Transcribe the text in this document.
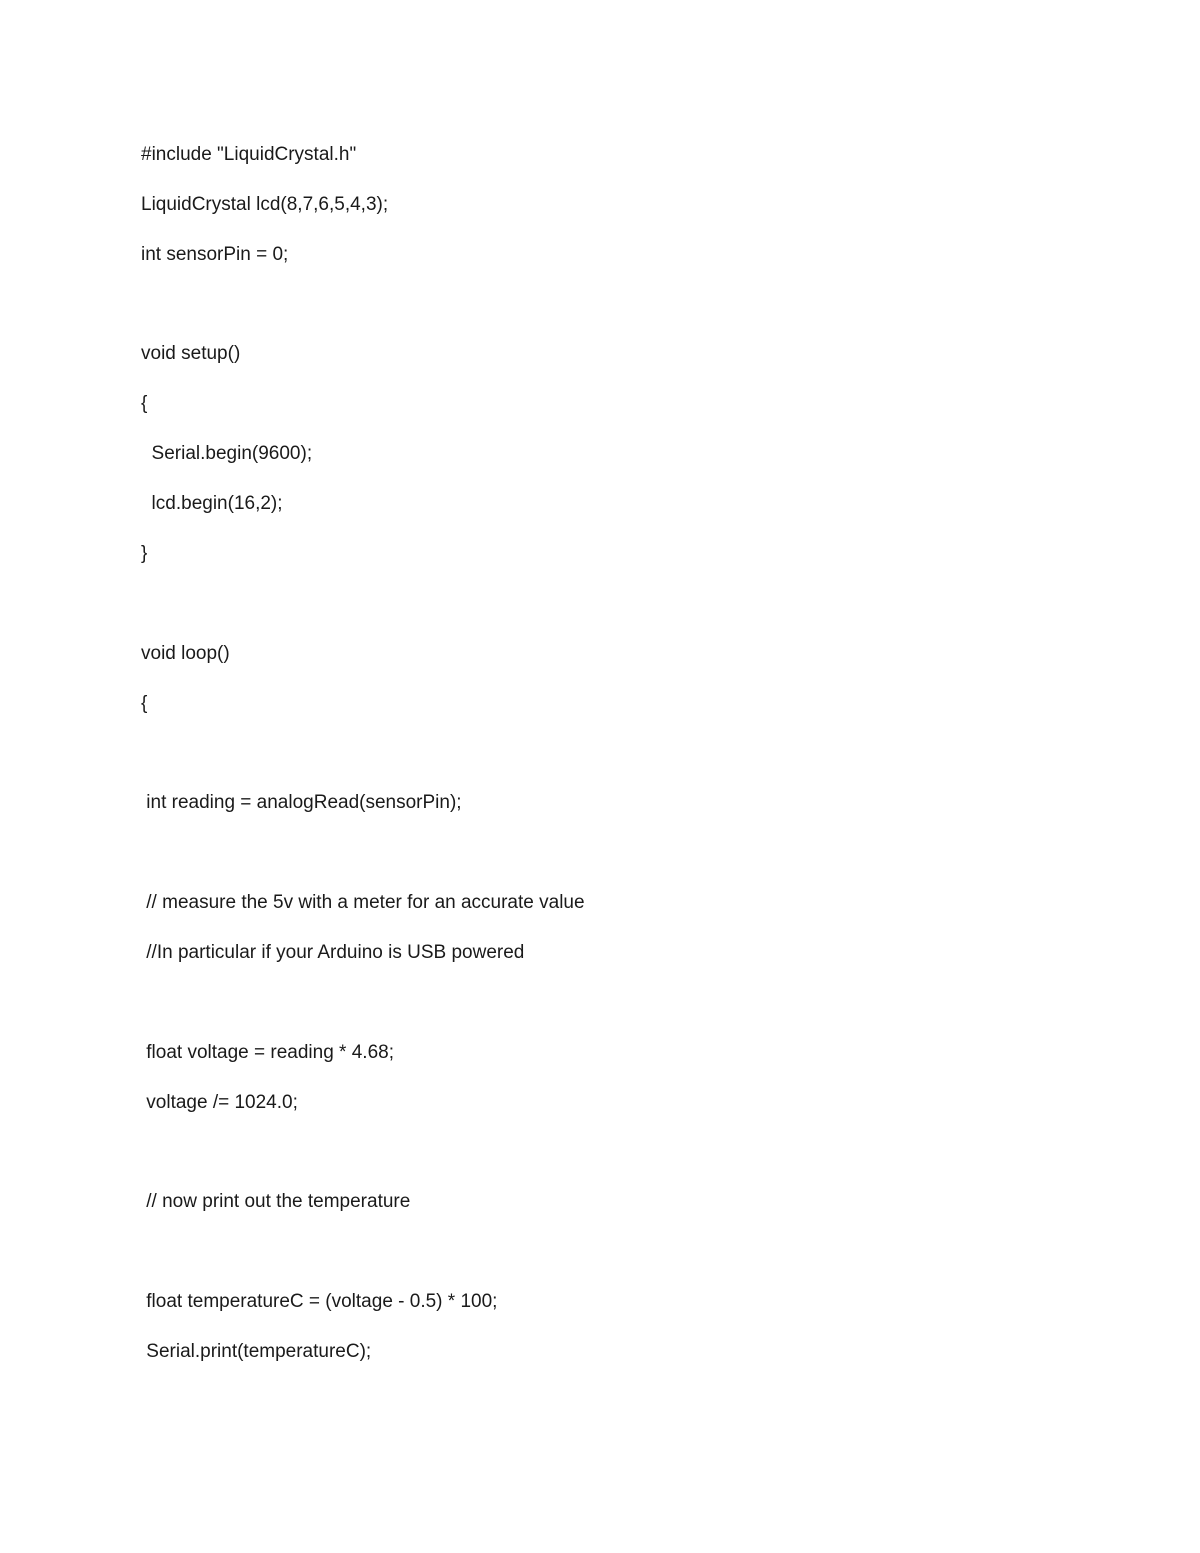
#include "LiquidCrystal.h"
LiquidCrystal lcd(8,7,6,5,4,3);
int sensorPin = 0;
void setup()
{
Serial.begin(9600);
lcd.begin(16,2);
}
void loop()
{
int reading = analogRead(sensorPin);
// measure the 5v with a meter for an accurate value
//In particular if your Arduino is USB powered
float voltage = reading * 4.68;
voltage /= 1024.0;
// now print out the temperature
float temperatureC = (voltage - 0.5) * 100;
Serial.print(temperatureC);
